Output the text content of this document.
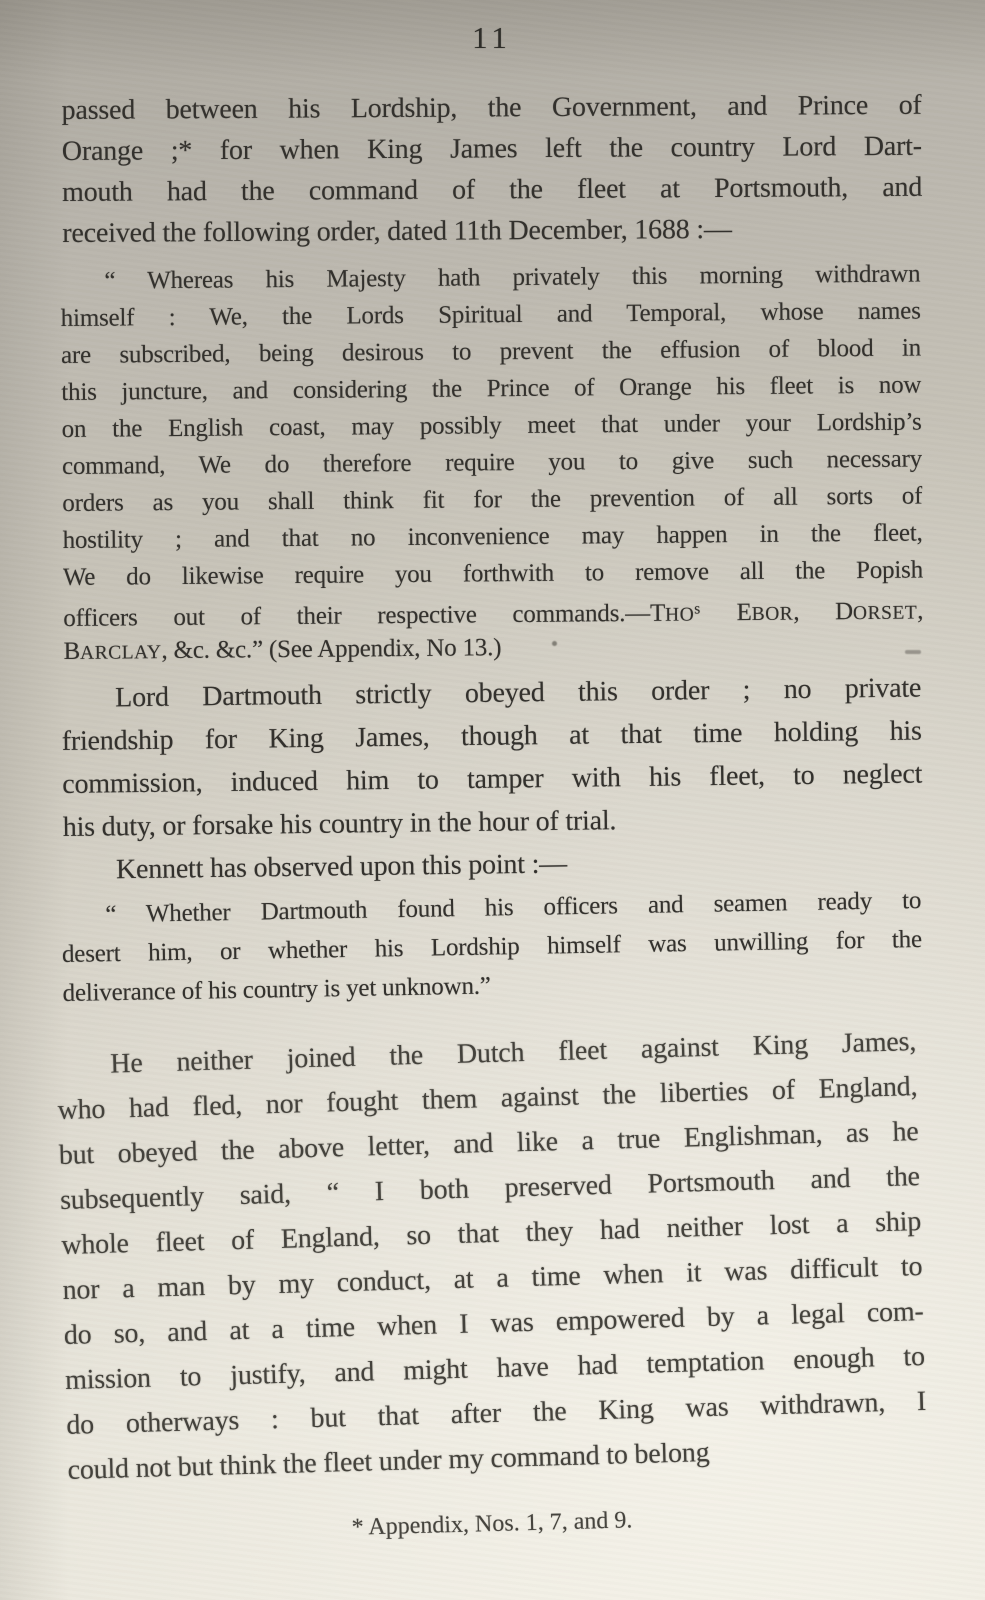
11
passed between his Lordship, the Government, and Prince of
Orange ;* for when King James left the country Lord Dart-
mouth had the command of the fleet at Portsmouth, and
received the following order, dated 11th December, 1688 :—
“ Whereas his Majesty hath privately this morning withdrawn
himself : We, the Lords Spiritual and Temporal, whose names
are subscribed, being desirous to prevent the effusion of blood in
this juncture, and considering the Prince of Orange his fleet is now
on the English coast, may possibly meet that under your Lordship’s
command, We do therefore require you to give such necessary
orders as you shall think fit for the prevention of all sorts of
hostility ; and that no inconvenience may happen in the fleet,
We do likewise require you forthwith to remove all the Popish
officers out of their respective commands.—THO$^s$ EBOR, DORSET,
BARCLAY, &c. &c.” (See Appendix, No 13.)
Lord Dartmouth strictly obeyed this order ; no private
friendship for King James, though at that time holding his
commission, induced him to tamper with his fleet, to neglect
his duty, or forsake his country in the hour of trial.
Kennett has observed upon this point :—
“ Whether Dartmouth found his officers and seamen ready to
desert him, or whether his Lordship himself was unwilling for the
deliverance of his country is yet unknown.”
He neither joined the Dutch fleet against King James,
who had fled, nor fought them against the liberties of England,
but obeyed the above letter, and like a true Englishman, as he
subsequently said, “ I both preserved Portsmouth and the
whole fleet of England, so that they had neither lost a ship
nor a man by my conduct, at a time when it was difficult to
do so, and at a time when I was empowered by a legal com-
mission to justify, and might have had temptation enough to
do otherways : but that after the King was withdrawn, I
could not but think the fleet under my command to belong
* Appendix, Nos. 1, 7, and 9.
